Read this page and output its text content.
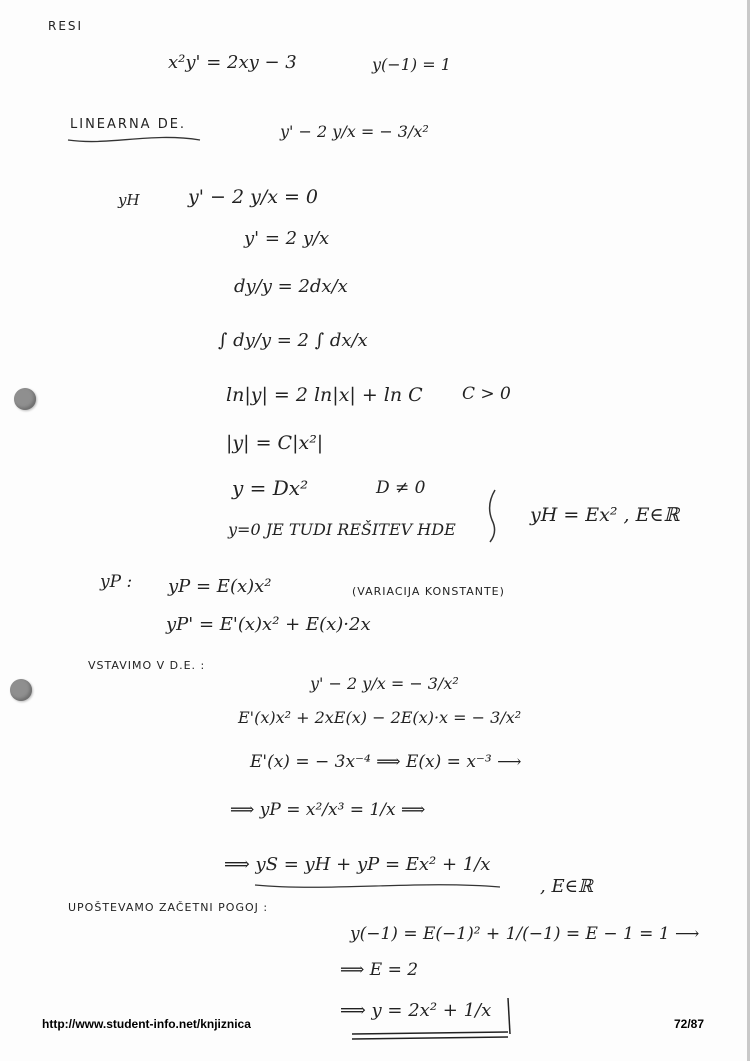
RESI
x²y' = 2xy − 3	y(−1) = 1
LINEARNA DE.	y' − 2 y/x = − 3/x²
yH	y' − 2 y/x = 0
y' = 2 y/x
dy/y = 2dx/x
∫ dy/y = 2 ∫ dx/x
ln|y| = 2 ln|x| + ln C C > 0
|y| = C|x²|
y = Dx²	D ≠ 0
y=0 JE TUDI REŠITEV HDE
yH = Ex² , E∈ℝ
yP : yP = E(x)x²	(VARIACIJA KONSTANTE)
yP' = E'(x)x² + E(x)·2x
VSTAVIMO V D.E. :
y' − 2 y/x = − 3/x²
E'(x)x² + 2xE(x) − 2E(x)·x = − 3/x²
E'(x) = − 3x⁻⁴ ⟹ E(x) = x⁻³ ⟶
⟹ yP = x²/x³ = 1/x ⟹
⟹ yS = yH + yP = Ex² + 1/x
, E∈ℝ
UPOŠTEVAMO ZAČETNI POGOJ :
y(−1) = E(−1)² + 1/(−1) = E − 1 = 1 ⟶
⟹ E = 2
⟹ y = 2x² + 1/x
http://www.student-info.net/knjiznica	72/87
